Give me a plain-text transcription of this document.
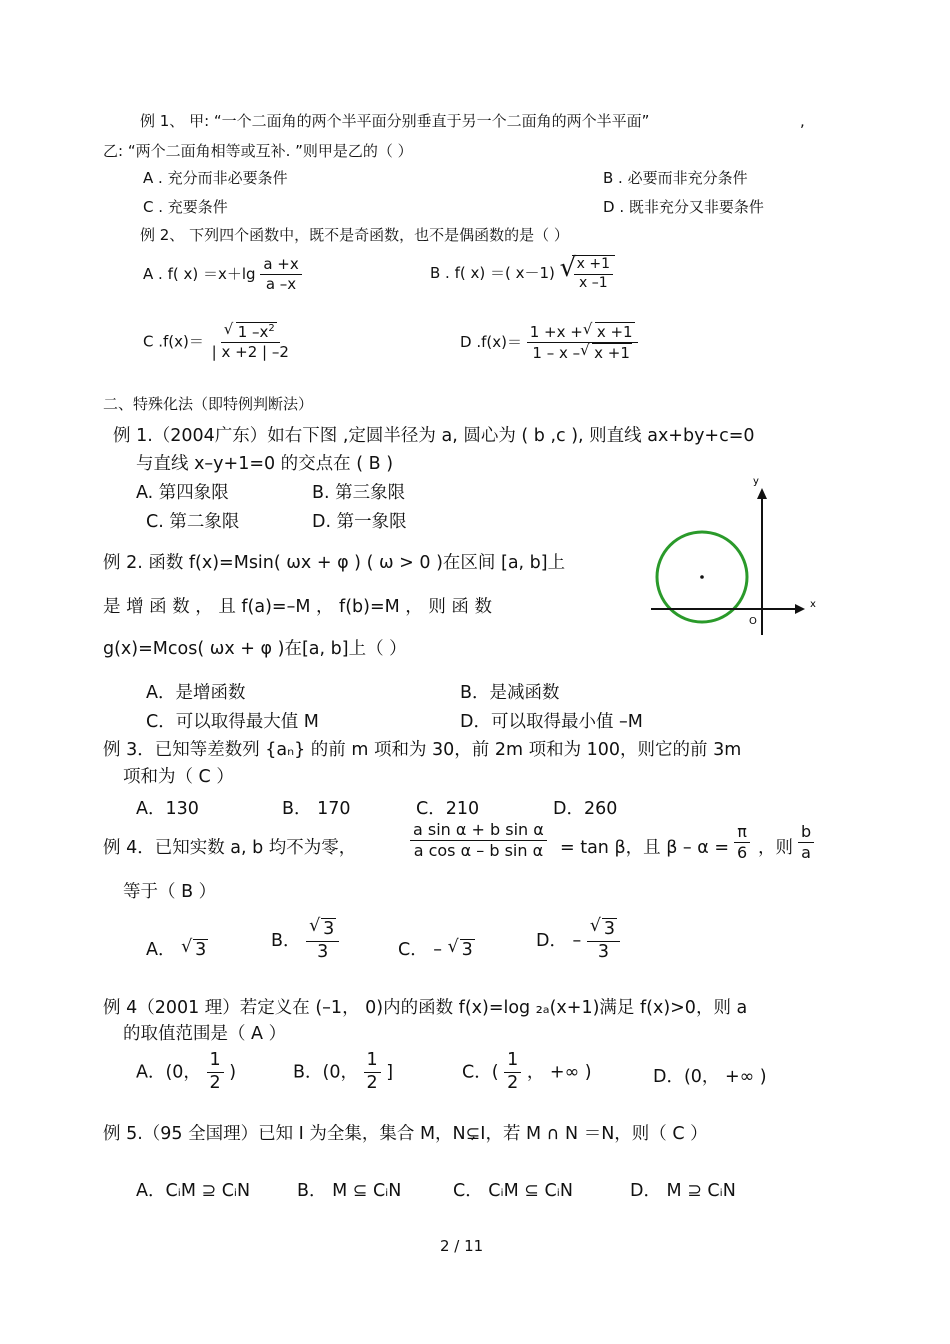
例 1、 甲: “一个二面角的两个半平面分别垂直于另一个二面角的两个半平面”	,
乙: “两个二面角相等或互补. ”则甲是乙的（ ）
A . 充分而非必要条件	B . 必要而非充分条件
C . 充要条件	D . 既非充分又非要条件
例 2、 下列四个函数中，既不是奇函数，也不是偶函数的是（ ）
A . f( $x) =x+\lg \frac{a +x}{a -x}$	B . f( x) ＝( x－1) √ $\frac{x +1}{x -1}$
C .f(x)＝ √ $\frac{1 -x^2}{| x +2 | -2}$	D $.f(x)= \frac{1 +x + √ x +1}{1 - x - √ x +1}$
二、特殊化法（即特例判断法）
例 1.（2004广东）如右下图 ,定圆半径为 a, 圆心为 ( b ,c ), 则直线 ax+by+c=0
与直线 x–y+1=0 的交点在 ( B )
A. 第四象限	B. 第三象限
C. 第二象限	D. 第一象限
y
x
O
例 2. 函数 f(x)=Msin( ωx + φ ) ( ω > 0 )在区间 [a, b]上
是 增 函 数 ， 且 f(a)=–M ， f(b)=M ， 则 函 数
g(x)=Mcos( ωx + φ )在[a, b]上（ ）
A．是增函数	B．是减函数
C．可以取得最大值 M	D．可以取得最小值 –M
例 3．已知等差数列 {aₙ} 的前 m 项和为 30，前 2m 项和为 100，则它的前 3m
项和为（ C ）
A．130	B． 170	C．210	D．260
例 4．已知实数 a, b 均不为零，	$\frac{\text{a sin α + b sin α}}{\text{a cos α – b sin α}} = \tan \beta$，且 $\beta - \alpha = \frac{\pi}{6}$ ，则 $\frac{b}{a}$
等于（ B ）
A． √ 3	B． √ $\frac{3}{3}$	C． – √ 3	D． – √ $\frac{3}{3}$
例 4（2001 理）若定义在 (–1， 0)内的函数 f(x)=log ₂ₐ(x+1)满足 f(x)>0，则 a
的取值范围是（ A ）
A．(0， $\frac{1}{2}$ )	B．(0， $\frac{1}{2}$ ]	C．( $\frac{1}{2}$ ， +∞ )	D．(0， +∞ )
例 5.（95 全国理）已知 I 为全集，集合 M，N⊊I，若 M ∩ N ＝N，则（ C ）
A．CᵢM ⊇ CᵢN	B． M ⊆ CᵢN	C． CᵢM ⊆ CᵢN	D． M ⊇ CᵢN
2 / 11
